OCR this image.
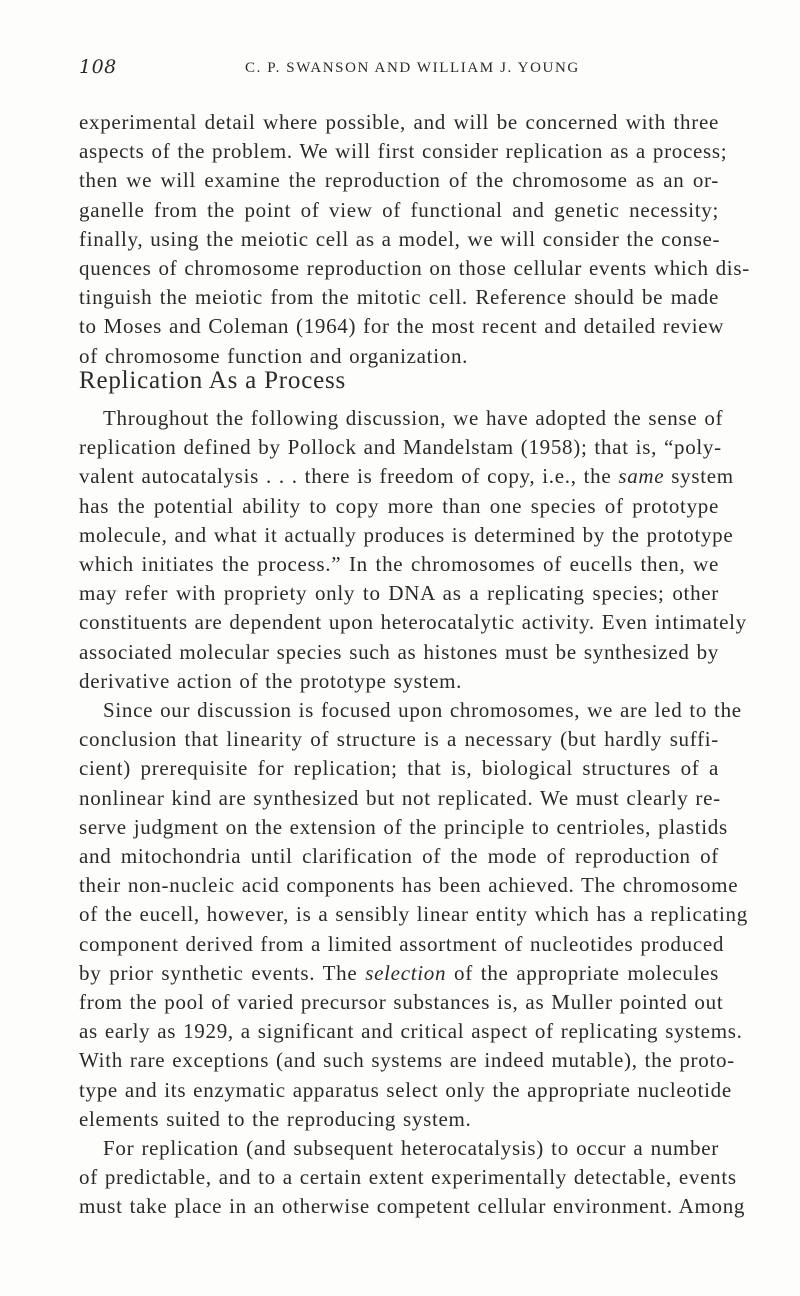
108	C. P. SWANSON AND WILLIAM J. YOUNG
experimental detail where possible, and will be concerned with three
aspects of the problem. We will first consider replication as a process;
then we will examine the reproduction of the chromosome as an or-
ganelle from the point of view of functional and genetic necessity;
finally, using the meiotic cell as a model, we will consider the conse-
quences of chromosome reproduction on those cellular events which dis-
tinguish the meiotic from the mitotic cell. Reference should be made
to Moses and Coleman (1964) for the most recent and detailed review
of chromosome function and organization.
Replication As a Process
Throughout the following discussion, we have adopted the sense of
replication defined by Pollock and Mandelstam (1958); that is, “poly-
valent autocatalysis . . . there is freedom of copy, i.e., the same system
has the potential ability to copy more than one species of prototype
molecule, and what it actually produces is determined by the prototype
which initiates the process.” In the chromosomes of eucells then, we
may refer with propriety only to DNA as a replicating species; other
constituents are dependent upon heterocatalytic activity. Even intimately
associated molecular species such as histones must be synthesized by
derivative action of the prototype system.
Since our discussion is focused upon chromosomes, we are led to the
conclusion that linearity of structure is a necessary (but hardly suffi-
cient) prerequisite for replication; that is, biological structures of a
nonlinear kind are synthesized but not replicated. We must clearly re-
serve judgment on the extension of the principle to centrioles, plastids
and mitochondria until clarification of the mode of reproduction of
their non-nucleic acid components has been achieved. The chromosome
of the eucell, however, is a sensibly linear entity which has a replicating
component derived from a limited assortment of nucleotides produced
by prior synthetic events. The selection of the appropriate molecules
from the pool of varied precursor substances is, as Muller pointed out
as early as 1929, a significant and critical aspect of replicating systems.
With rare exceptions (and such systems are indeed mutable), the proto-
type and its enzymatic apparatus select only the appropriate nucleotide
elements suited to the reproducing system.
For replication (and subsequent heterocatalysis) to occur a number
of predictable, and to a certain extent experimentally detectable, events
must take place in an otherwise competent cellular environment. Among
